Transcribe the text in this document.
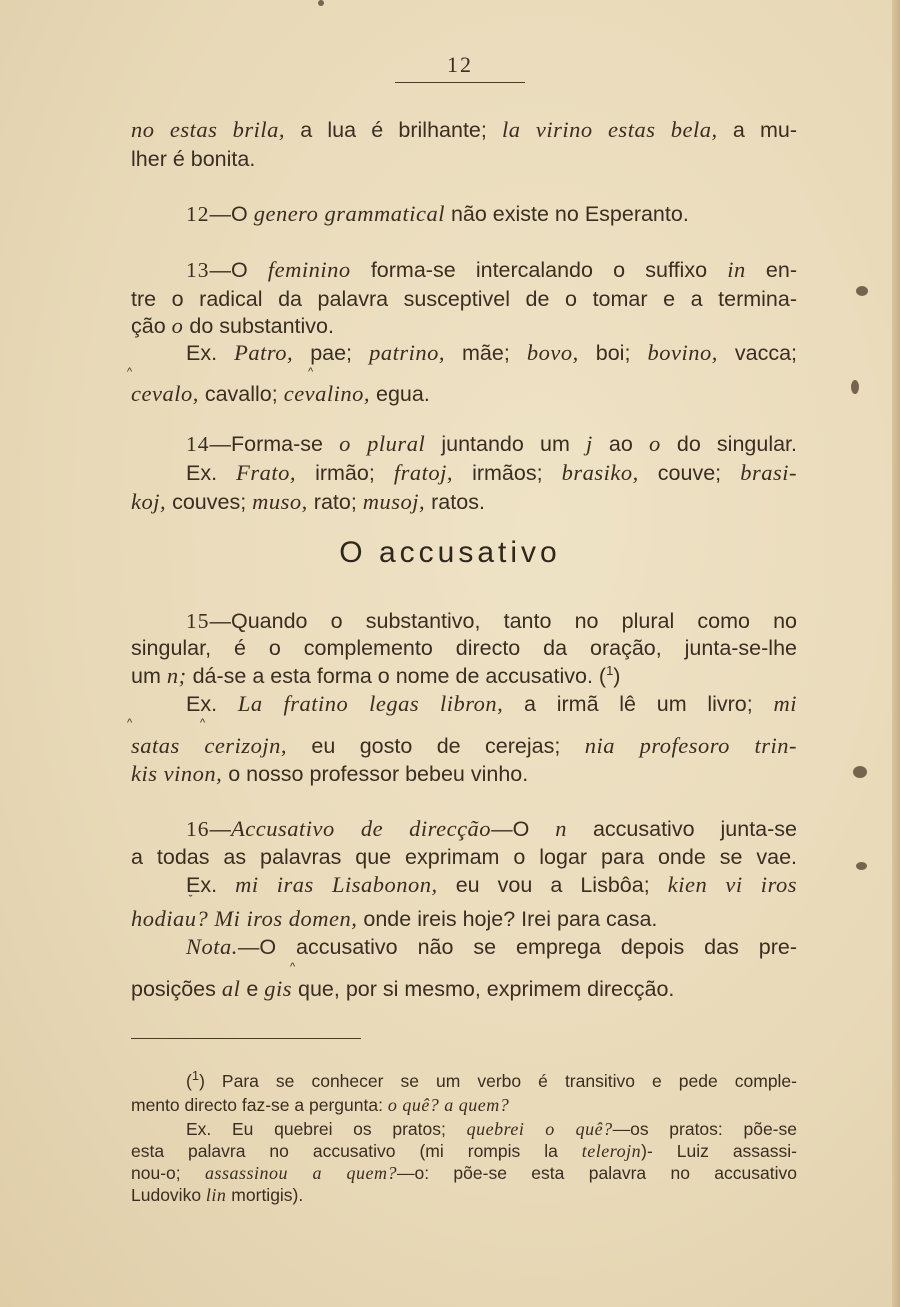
12
no estas brila, a lua é brilhante; la virino estas bela, a mu-
lher é bonita.
12—O genero grammatical não existe no Esperanto.
13—O feminino forma-se intercalando o suffixo in en-
tre o radical da palavra susceptivel de o tomar e a termina-
ção o do substantivo.
Ex. Patro, pae; patrino, mãe; bovo, boi; bovino, vacca;
^	^
cevalo, cavallo; cevalino, egua.
14—Forma-se o plural juntando um j ao o do singular.
Ex. Frato, irmão; fratoj, irmãos; brasiko, couve; brasi-
koj, couves; muso, rato; musoj, ratos.
O accusativo
15—Quando o substantivo, tanto no plural como no
singular, é o complemento directo da oração, junta-se-lhe
um n; dá-se a esta forma o nome de accusativo. ($^1$)
Ex. La fratino legas libron, a irmã lê um livro; mi
^	^
satas cerizojn, eu gosto de cerejas; nia profesoro trin-
kis vinon, o nosso professor bebeu vinho.
16—Accusativo de direcção—O n accusativo junta-se
a todas as palavras que exprimam o logar para onde se vae.
Ex. mi iras Lisabonon, eu vou a Lisbôa; kien vi iros
˘
hodiau? Mi iros domen, onde ireis hoje? Irei para casa.
Nota.—O accusativo não se emprega depois das pre-
^
posições al e gis que, por si mesmo, exprimem direcção.
($^1$) Para se conhecer se um verbo é transitivo e pede comple-
mento directo faz-se a pergunta: o quê? a quem?
Ex. Eu quebrei os pratos; quebrei o quê?—os pratos: põe-se
esta palavra no accusativo (mi rompis la telerojn)- Luiz assassi-
nou-o; assassinou a quem?—o: põe-se esta palavra no accusativo
Ludoviko lin mortigis).
